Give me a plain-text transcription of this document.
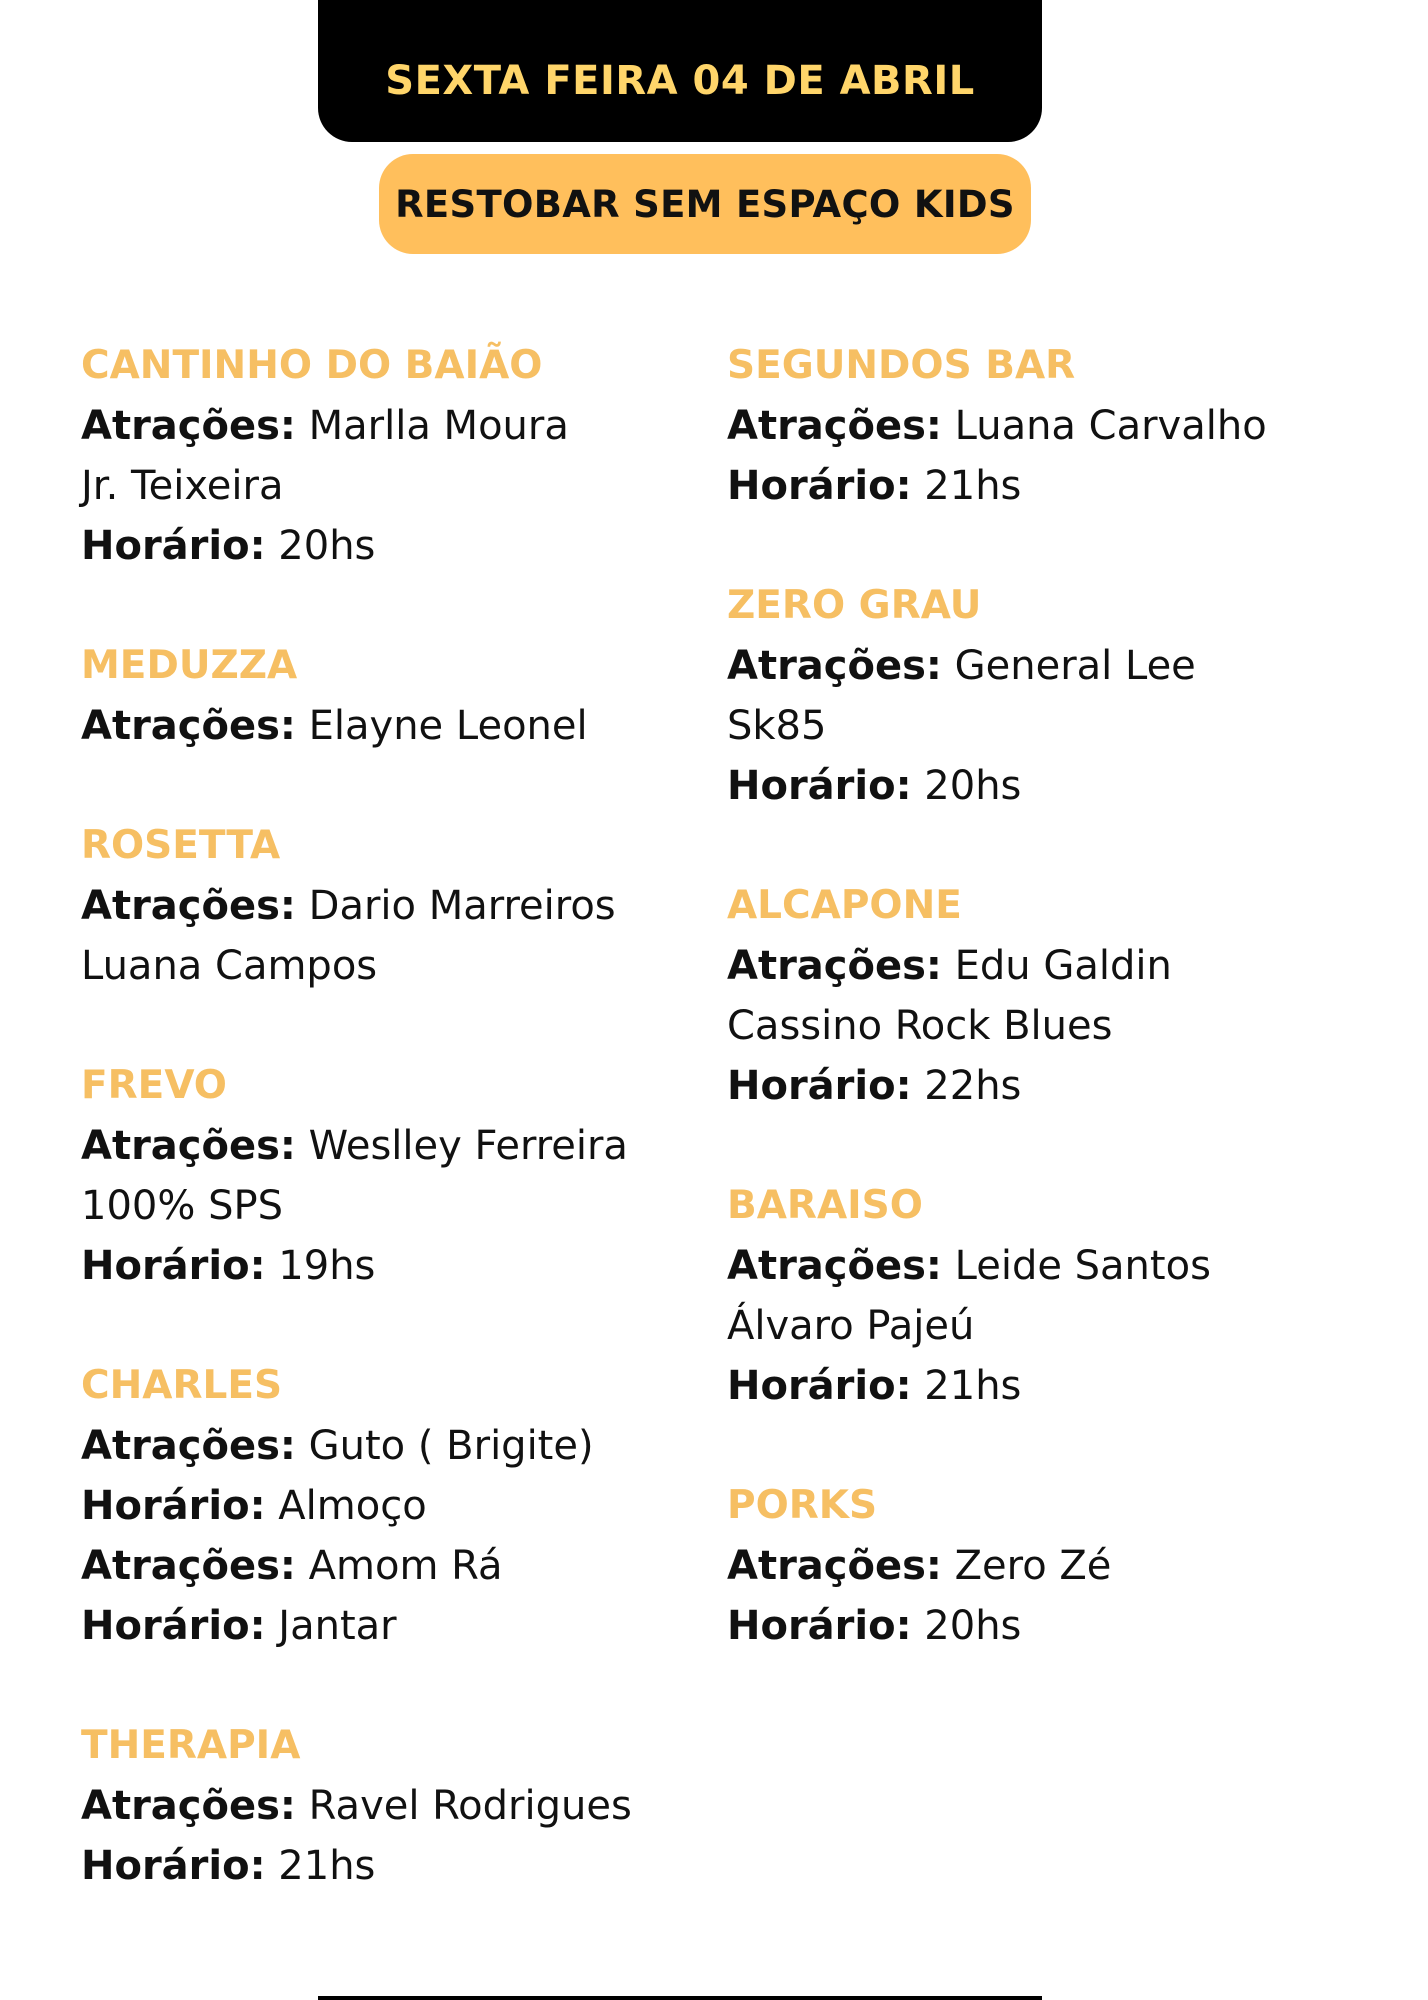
SEXTA FEIRA 04 DE ABRIL
RESTOBAR SEM ESPAÇO KIDS
CANTINHO DO BAIÃO
Atrações: Marlla Moura
Jr. Teixeira
Horário: 20hs
MEDUZZA
Atrações: Elayne Leonel
ROSETTA
Atrações: Dario Marreiros
Luana Campos
FREVO
Atrações: Weslley Ferreira
100% SPS
Horário: 19hs
CHARLES
Atrações: Guto ( Brigite)
Horário: Almoço
Atrações: Amom Rá
Horário: Jantar
THERAPIA
Atrações: Ravel Rodrigues
Horário: 21hs
SEGUNDOS BAR
Atrações: Luana Carvalho
Horário: 21hs
ZERO GRAU
Atrações: General Lee
Sk85
Horário: 20hs
ALCAPONE
Atrações: Edu Galdin
Cassino Rock Blues
Horário: 22hs
BARAISO
Atrações: Leide Santos
Álvaro Pajeú
Horário: 21hs
PORKS
Atrações: Zero Zé
Horário: 20hs
